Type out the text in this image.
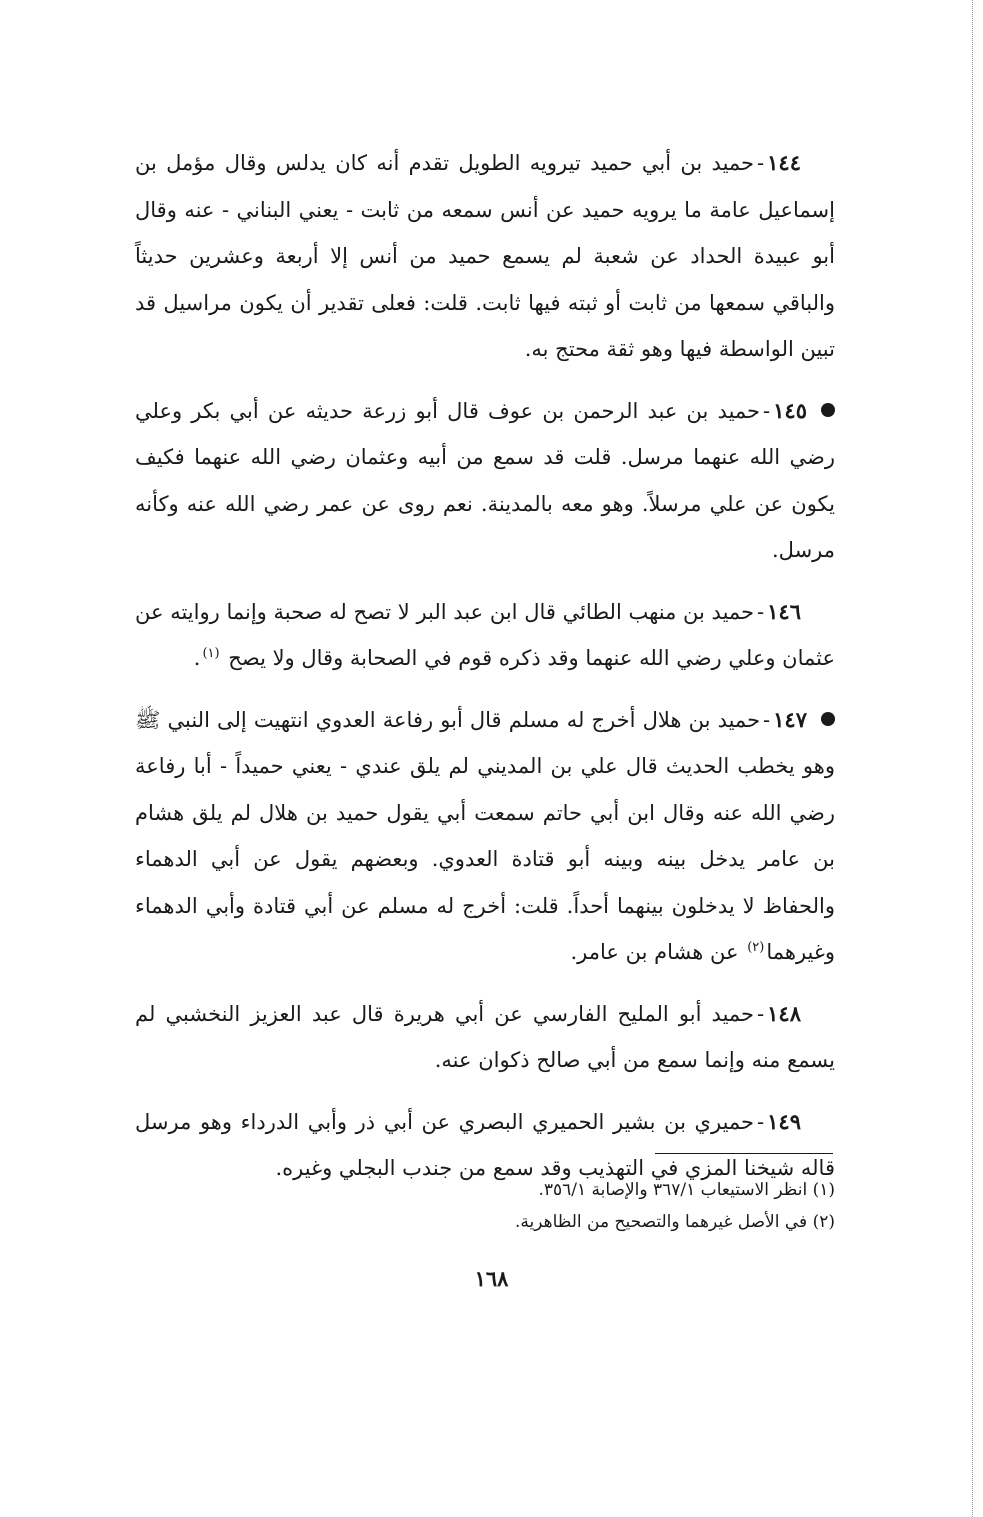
١٤٤-حميد بن أبي حميد تيرويه الطويل تقدم أنه كان يدلس وقال مؤمل بن إسماعيل عامة ما يرويه حميد عن أنس سمعه من ثابت - يعني البناني - عنه وقال أبو عبيدة الحداد عن شعبة لم يسمع حميد من أنس إلا أربعة وعشرين حديثاً والباقي سمعها من ثابت أو ثبته فيها ثابت. قلت: فعلى تقدير أن يكون مراسيل قد تبين الواسطة فيها وهو ثقة محتج به.

١٤٥-حميد بن عبد الرحمن بن عوف قال أبو زرعة حديثه عن أبي بكر وعلي رضي الله عنهما مرسل. قلت قد سمع من أبيه وعثمان رضي الله عنهما فكيف يكون عن علي مرسلاً. وهو معه بالمدينة. نعم روى عن عمر رضي الله عنه وكأنه مرسل.

١٤٦-حميد بن منهب الطائي قال ابن عبد البر لا تصح له صحبة وإنما روايته عن عثمان وعلي رضي الله عنهما وقد ذكره قوم في الصحابة وقال ولا يصح $^{(١)}$.

١٤٧-حميد بن هلال أخرج له مسلم قال أبو رفاعة العدوي انتهيت إلى النبي ﷺ وهو يخطب الحديث قال علي بن المديني لم يلق عندي - يعني حميداً - أبا رفاعة رضي الله عنه وقال ابن أبي حاتم سمعت أبي يقول حميد بن هلال لم يلق هشام بن عامر يدخل بينه وبينه أبو قتادة العدوي. وبعضهم يقول عن أبي الدهماء والحفاظ لا يدخلون بينهما أحداً. قلت: أخرج له مسلم عن أبي قتادة وأبي الدهماء وغيرهما$^{(٢)}$ عن هشام بن عامر.

١٤٨-حميد أبو المليح الفارسي عن أبي هريرة قال عبد العزيز النخشبي لم يسمع منه وإنما سمع من أبي صالح ذكوان عنه.

١٤٩-حميري بن بشير الحميري البصري عن أبي ذر وأبي الدرداء وهو مرسل قاله شيخنا المزي في التهذيب وقد سمع من جندب البجلي وغيره.

(١) انظر الاستيعاب ٣٦٧/١ والإصابة ٣٥٦/١.

(٢) في الأصل غيرهما والتصحيح من الظاهرية.

١٦٨
